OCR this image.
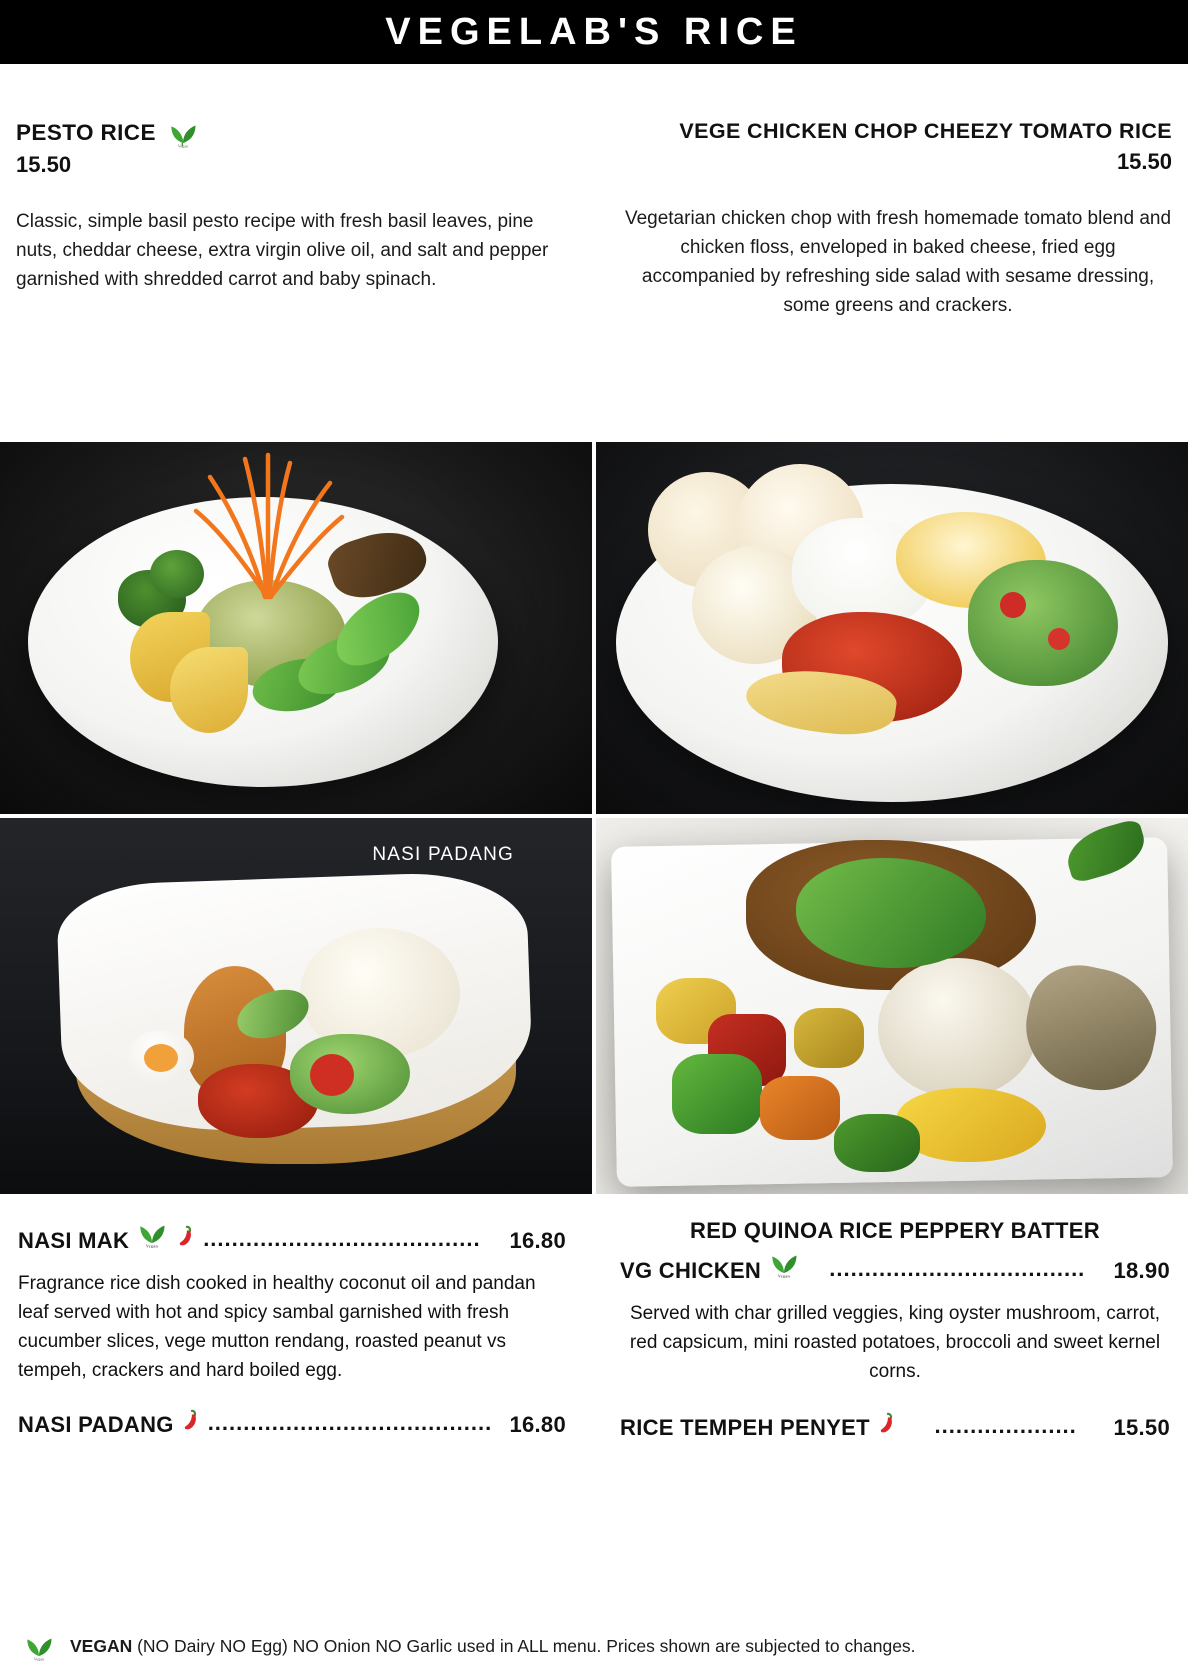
VEGELAB'S RICE
PESTO RICE
Vegan
15.50
Classic, simple basil pesto recipe with fresh basil leaves, pine nuts, cheddar cheese, extra virgin olive oil, and salt and pepper garnished with shredded carrot and baby spinach.
VEGE CHICKEN CHOP CHEEZY TOMATO RICE
15.50
Vegetarian chicken chop with fresh homemade tomato blend and chicken floss, enveloped in baked cheese, fried egg accompanied by refreshing side salad with sesame dressing, some greens and crackers.
NASI PADANG
NASI MAK	Vegan .......................................	16.80
Fragrance rice dish cooked in healthy coconut oil and pandan leaf served with hot and spicy sambal garnished with fresh cucumber slices, vege mutton rendang, roasted peanut vs tempeh, crackers and hard boiled egg.
NASI PADANG ........................................ 16.80
RED QUINOA RICE PEPPERY BATTER
VG CHICKEN	Vegan	....................................	18.90
Served with char grilled veggies, king oyster mushroom, carrot, red capsicum, mini roasted potatoes, broccoli and sweet kernel corns.
RICE TEMPEH PENYET	....................	15.50
Vegan
VEGAN (NO Dairy NO Egg) NO Onion NO Garlic used in ALL menu. Prices shown are subjected to changes.
